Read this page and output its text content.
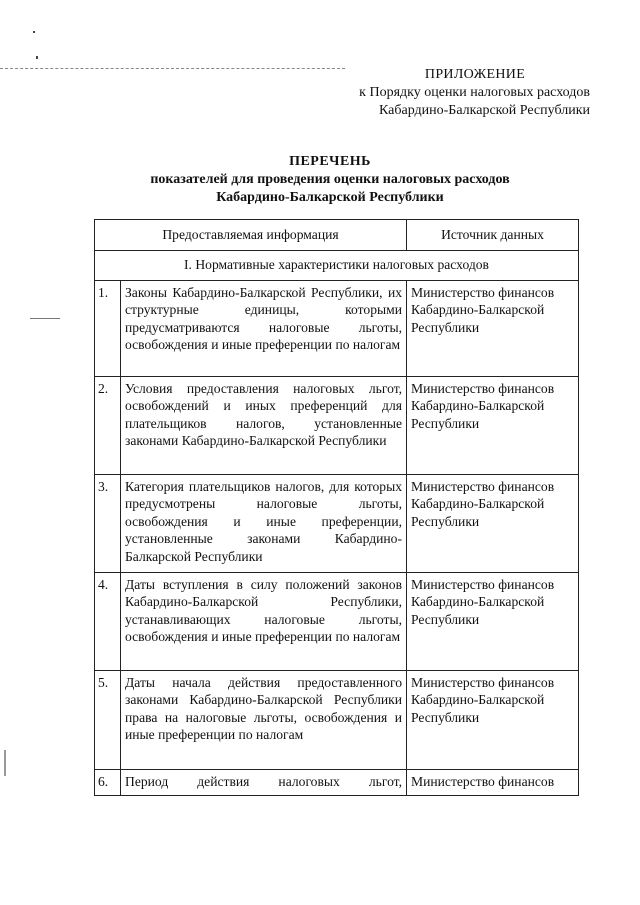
ПРИЛОЖЕНИЕ
к Порядку оценки налоговых расходов
Кабардино-Балкарской Республики
ПЕРЕЧЕНЬ
показателей для проведения оценки налоговых расходов
Кабардино-Балкарской Республики
Предоставляемая информация		Источник данных
I. Нормативные характеристики налоговых расходов		
1.	Законы Кабардино-Балкарской Республики, их структурные единицы, которыми предусматриваются налоговые льготы, освобождения и иные преференции по налогам	Министерство финансов Кабардино-Балкарской Республики
2.	Условия предоставления налоговых льгот, освобождений и иных преференций для плательщиков налогов, установленные законами Кабардино-Балкарской Республики	Министерство финансов Кабардино-Балкарской Республики
3.	Категория плательщиков налогов, для которых предусмотрены налоговые льготы, освобождения и иные преференции, установленные законами Кабардино-Балкарской Республики	Министерство финансов Кабардино-Балкарской Республики
4.	Даты вступления в силу положений законов Кабардино-Балкарской Республики, устанавливающих налоговые льготы, освобождения и иные преференции по налогам	Министерство финансов Кабардино-Балкарской Республики
5.	Даты начала действия предоставленного законами Кабардино-Балкарской Республики права на налоговые льготы, освобождения и иные преференции по налогам	Министерство финансов Кабардино-Балкарской Республики
6.	Период действия налоговых льгот,	Министерство финансов
